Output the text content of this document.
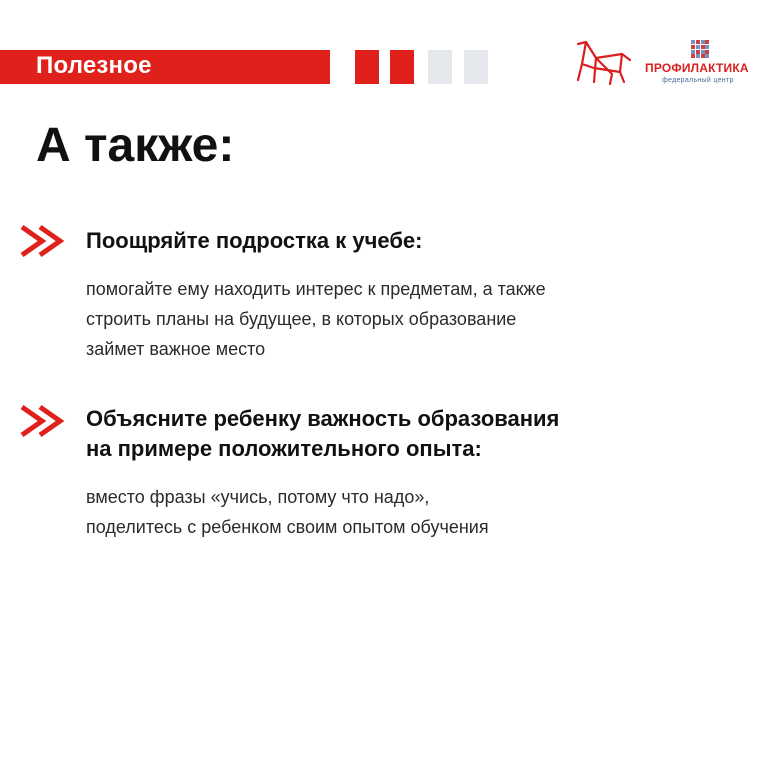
Полезное	ПРОФИЛАКТИКА
федеральный центр
А также:
Поощряйте подростка к учебе:

помогайте ему находить интерес к предметам, а также
строить планы на будущее, в которых образование
займет важное место

Объясните ребенку важность образования
на примере положительного опыта:

вместо фразы «учись, потому что надо»,
поделитесь с ребенком своим опытом обучения
